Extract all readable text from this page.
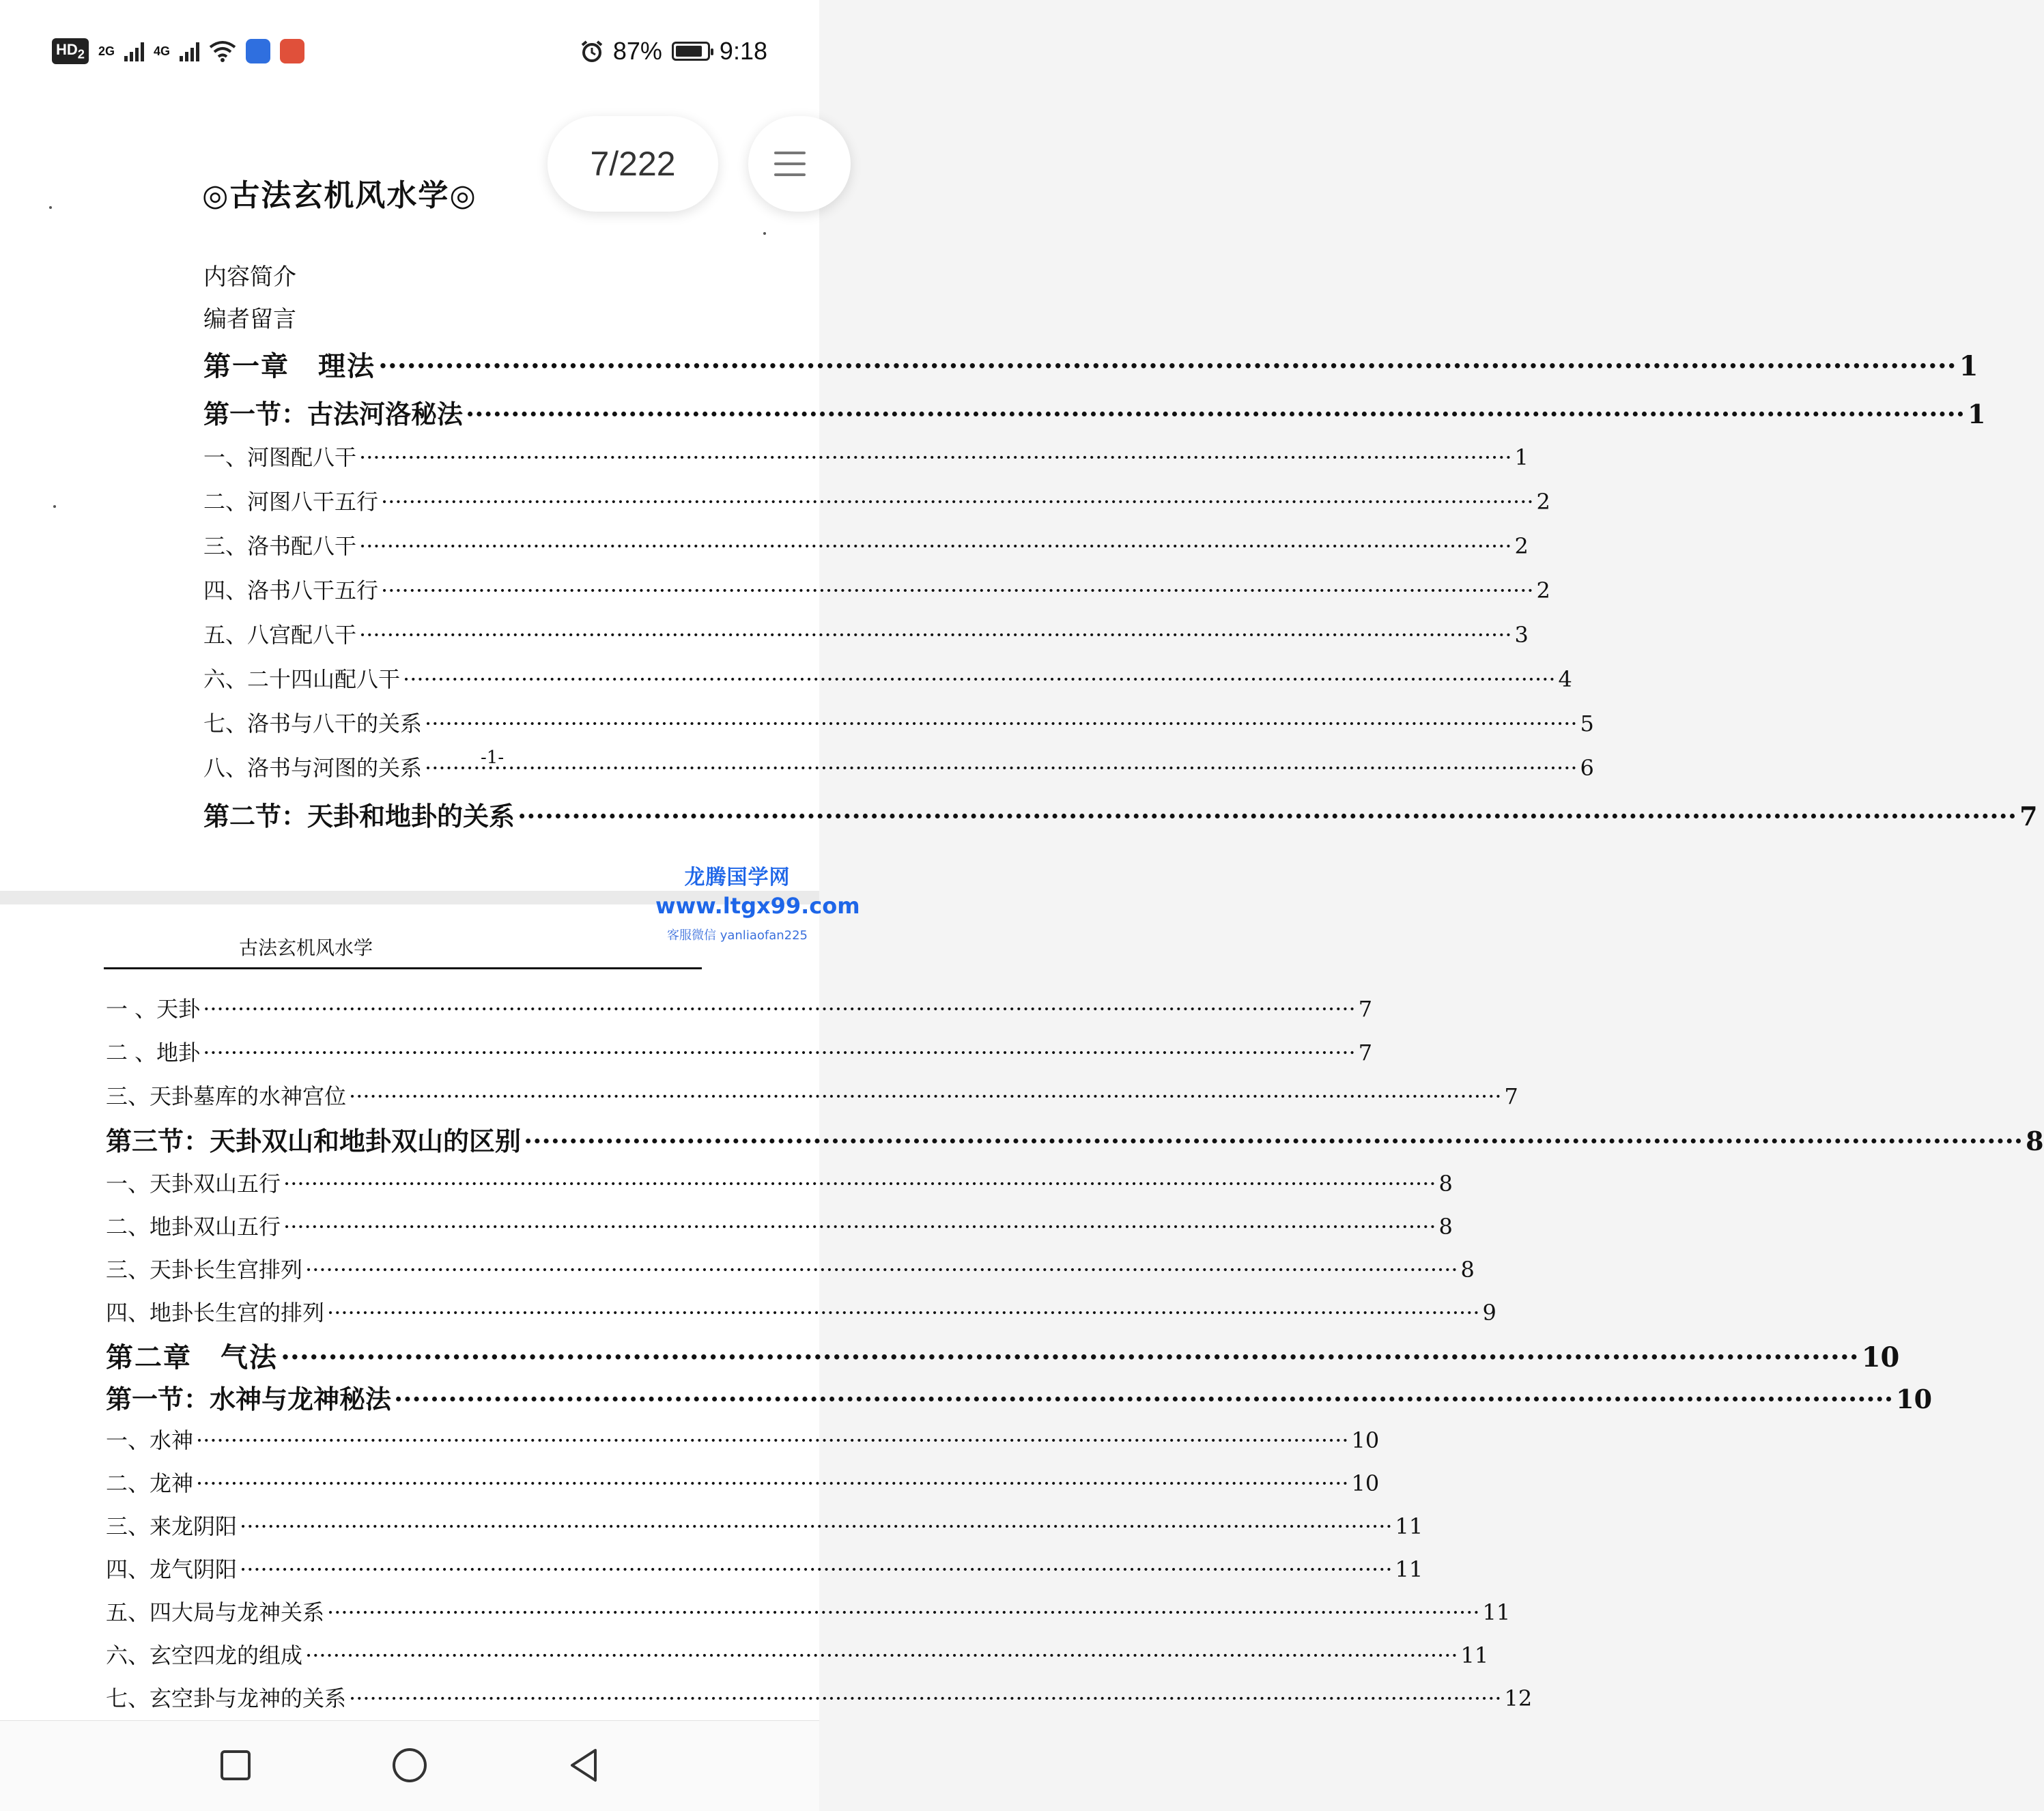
$HD_2$	2G	4G	87% 9:18
◎古法玄机风水学◎
内容简介
编者留言
第一章　理法 ·····	1
第一节：古法河洛秘法 ·····	1
一、河图配八干 ·····	1
二、河图八干五行 ·····	2
三、洛书配八干 ·····	2
四、洛书八干五行 ·····	2
五、八宫配八干 ·····	3
六、二十四山配八干 ·····	4
七、洛书与八干的关系 ·····	5
八、洛书与河图的关系 ·····	6
第二节：天卦和地卦的关系 ·····	7
-1-
古法玄机风水学
一 、天卦 ·····	7
二 、地卦 ·····	7
三、天卦墓库的水神宫位 ·····	7
第三节：天卦双山和地卦双山的区别 ·····	8
一、天卦双山五行 ·····	8
二、地卦双山五行 ·····	8
三、天卦长生宫排列 ·····	8
四、地卦长生宫的排列 ·····	9
第二章　气法 ·····	10
第一节：水神与龙神秘法 ·····	10
一、水神 ·····	10
二、龙神 ·····	10
三、来龙阴阳 ·····	11
四、龙气阴阳 ·····	11
五、四大局与龙神关系 ·····	11
六、玄空四龙的组成 ·····	11
七、玄空卦与龙神的关系 ·····	12
龙腾国学网
www.ltgx99.com
客服微信 yanliaofan225
7/222
